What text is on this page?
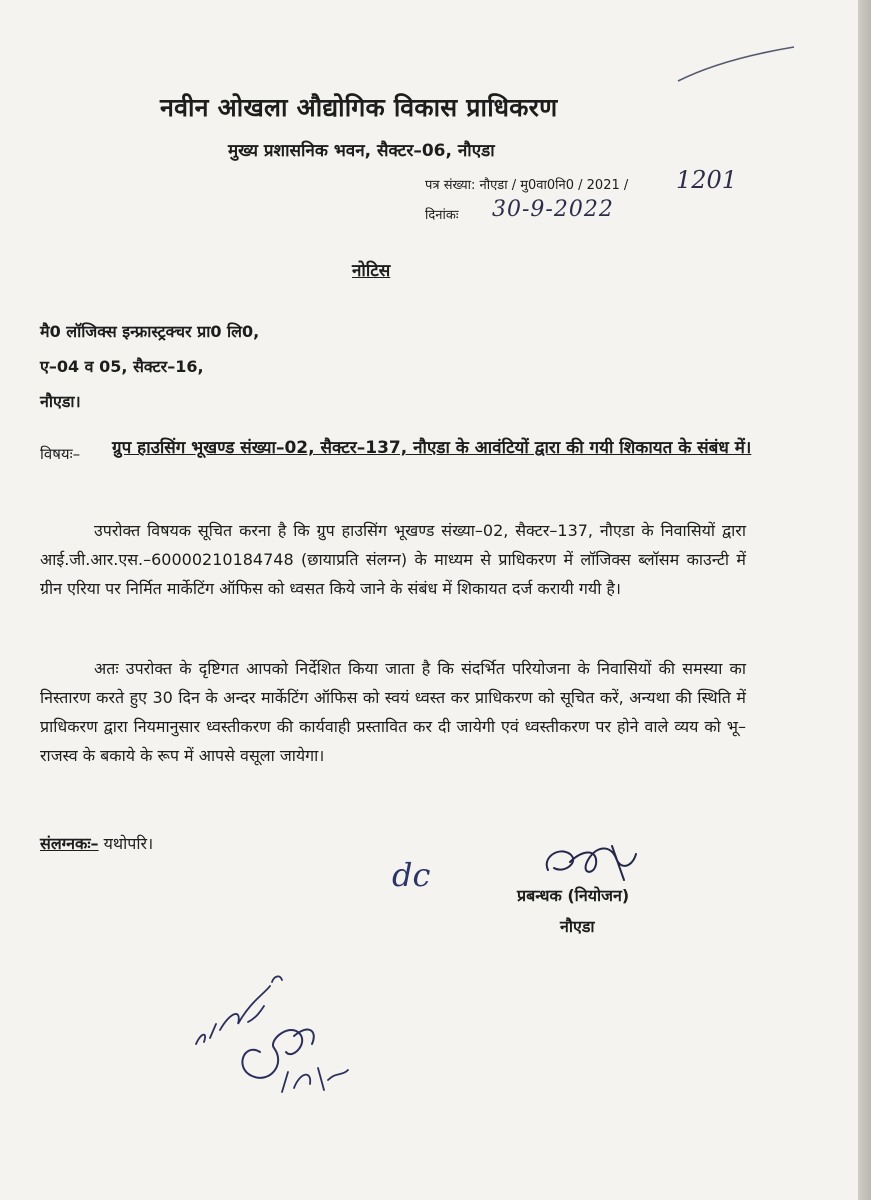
नवीन ओखला औद्योगिक विकास प्राधिकरण
मुख्य प्रशासनिक भवन, सैक्टर–06, नौएडा
पत्र संख्या: नौएडा / मु0वा0नि0 / 2021 / 1201
दिनांकः 30-9-2022
नोटिस
मै0 लॉजिक्स इन्फ्रास्ट्रक्चर प्रा0 लि0,
ए–04 व 05, सैक्टर–16,
नौएडा।
विषयः– ग्रुप हाउसिंग भूखण्ड संख्या–02, सैक्टर–137, नौएडा के आवंटियों द्वारा की गयी शिकायत के संबंध में।

उपरोक्त विषयक सूचित करना है कि ग्रुप हाउसिंग भूखण्ड संख्या–02, सैक्टर–137, नौएडा के निवासियों द्वारा आई.जी.आर.एस.–60000210184748 (छायाप्रति संलग्न) के माध्यम से प्राधिकरण में लॉजिक्स ब्लॉसम काउन्टी में ग्रीन एरिया पर निर्मित मार्केटिंग ऑफिस को ध्वसत किये जाने के संबंध में शिकायत दर्ज करायी गयी है।

अतः उपरोक्त के दृष्टिगत आपको निर्देशित किया जाता है कि संदर्भित परियोजना के निवासियों की समस्या का निस्तारण करते हुए 30 दिन के अन्दर मार्केटिंग ऑफिस को स्वयं ध्वस्त कर प्राधिकरण को सूचित करें, अन्यथा की स्थिति में प्राधिकरण द्वारा नियमानुसार ध्वस्तीकरण की कार्यवाही प्रस्तावित कर दी जायेगी एवं ध्वस्तीकरण पर होने वाले व्यय को भू–राजस्व के बकाये के रूप में आपसे वसूला जायेगा।

संलग्नकः– यथोपरि।
dc
प्रबन्धक (नियोजन)
नौएडा
